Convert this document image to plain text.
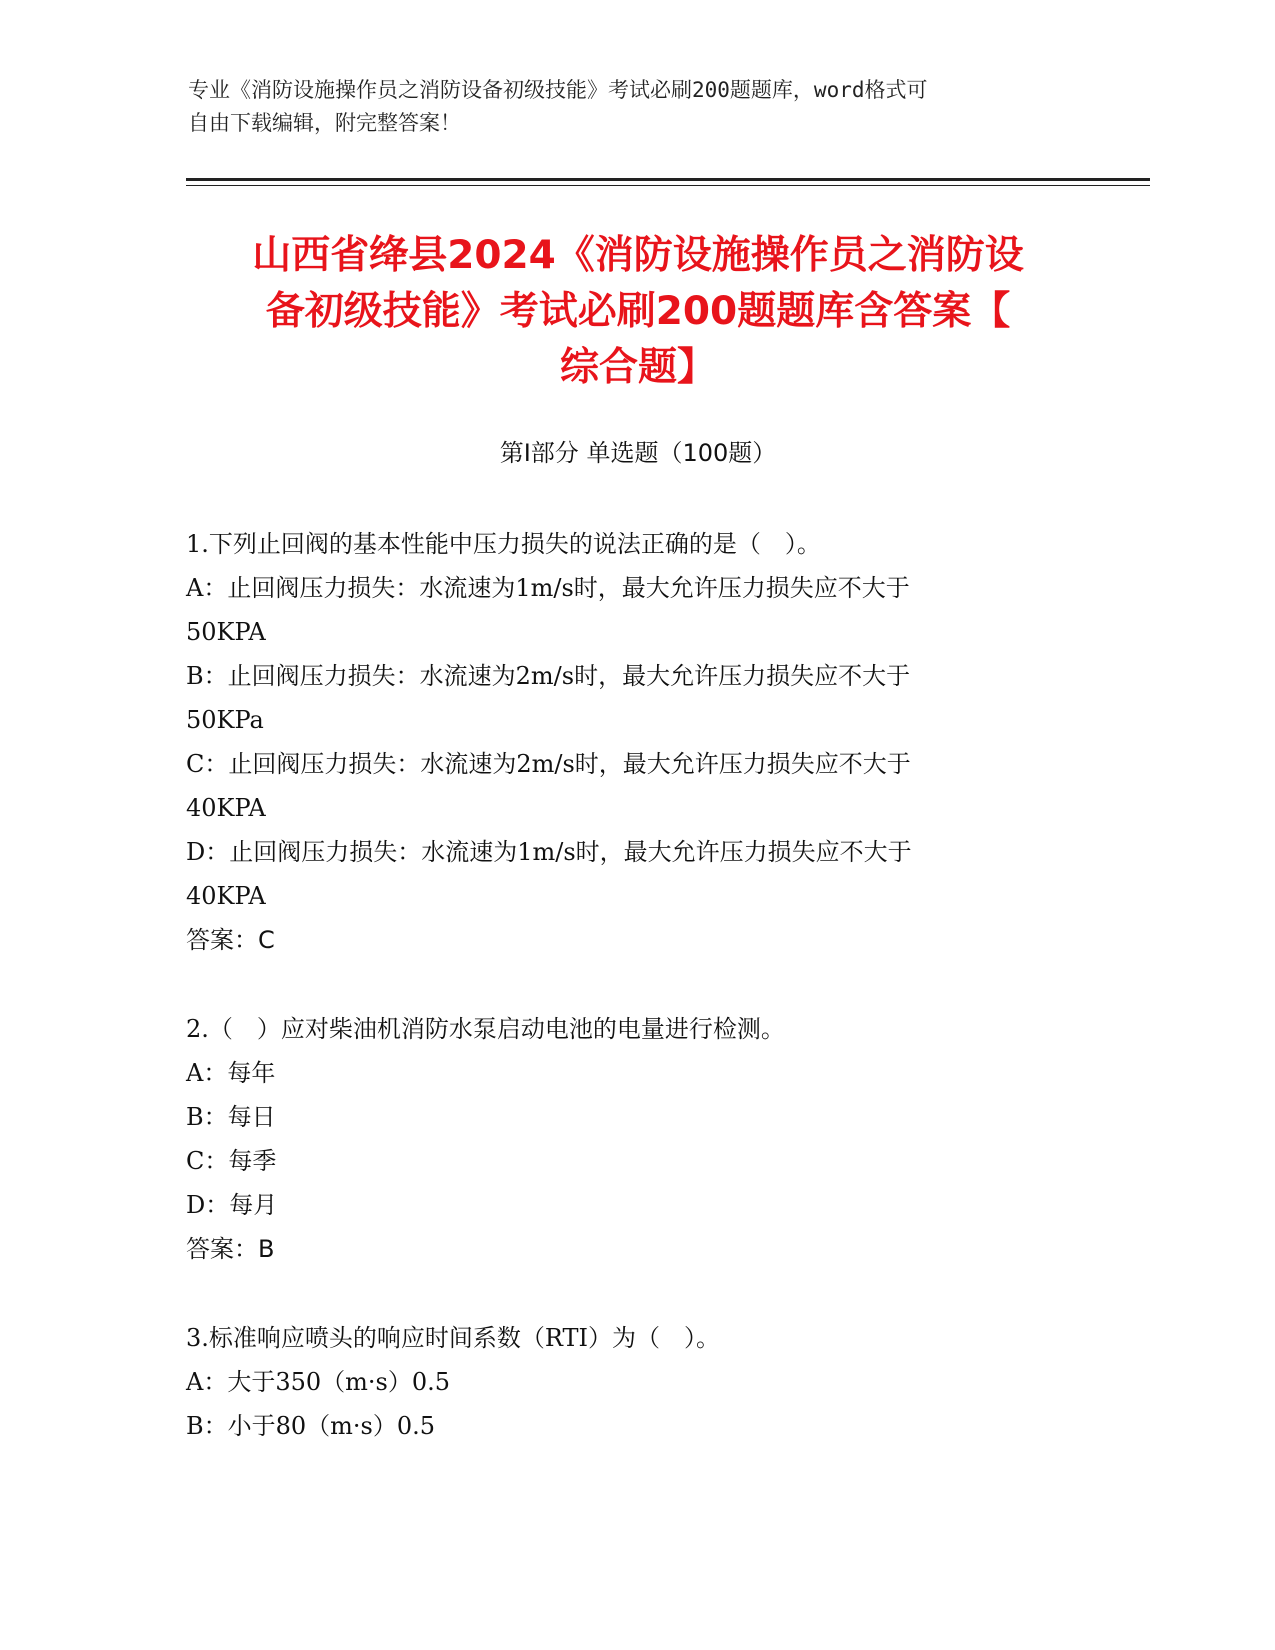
专业《消防设施操作员之消防设备初级技能》考试必刷200题题库，word格式可
自由下载编辑，附完整答案！
山西省绛县2024《消防设施操作员之消防设
备初级技能》考试必刷200题题库含答案【
综合题】
第I部分 单选题（100题）
1.下列止回阀的基本性能中压力损失的说法正确的是（　）。
A：止回阀压力损失：水流速为1m/s时，最大允许压力损失应不大于
50KPA
B：止回阀压力损失：水流速为2m/s时，最大允许压力损失应不大于
50KPa
C：止回阀压力损失：水流速为2m/s时，最大允许压力损失应不大于
40KPA
D：止回阀压力损失：水流速为1m/s时，最大允许压力损失应不大于
40KPA
答案：C
2.（　）应对柴油机消防水泵启动电池的电量进行检测。
A：每年
B：每日
C：每季
D：每月
答案：B
3.标准响应喷头的响应时间系数（RTI）为（　）。
A：大于350（m·s）0.5
B：小于80（m·s）0.5
